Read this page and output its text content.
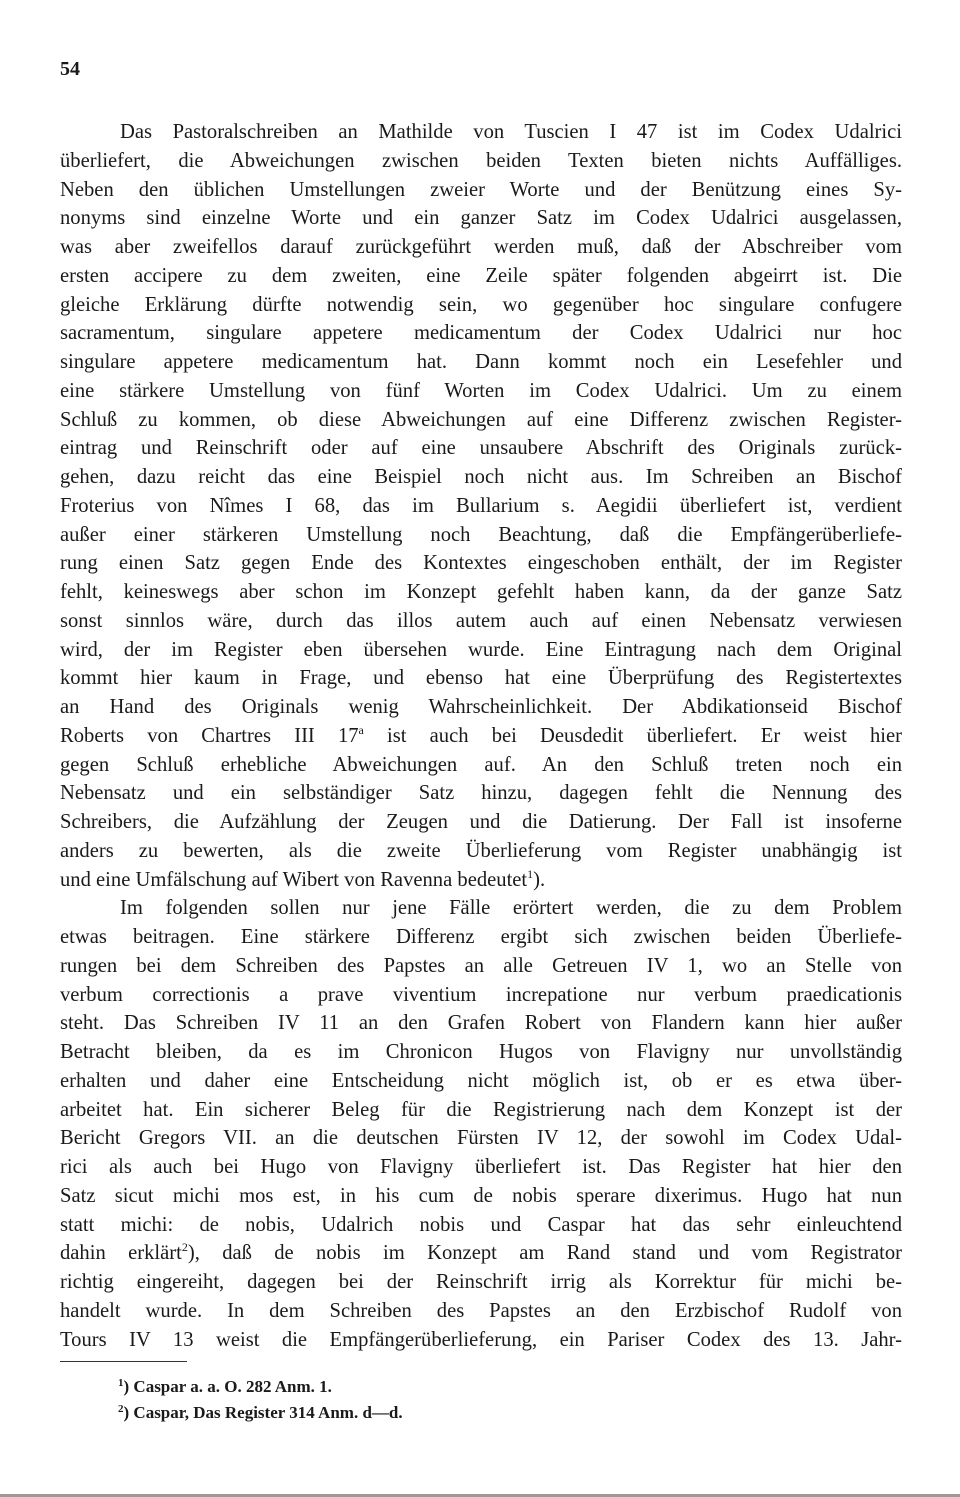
54
Das Pastoralschreiben an Mathilde von Tuscien I 47 ist im Codex Udalrici
überliefert, die Abweichungen zwischen beiden Texten bieten nichts Auffälliges.
Neben den üblichen Umstellungen zweier Worte und der Benützung eines Sy-
nonyms sind einzelne Worte und ein ganzer Satz im Codex Udalrici ausgelassen,
was aber zweifellos darauf zurückgeführt werden muß, daß der Abschreiber vom
ersten accipere zu dem zweiten, eine Zeile später folgenden abgeirrt ist. Die
gleiche Erklärung dürfte notwendig sein, wo gegenüber hoc singulare confugere
sacramentum, singulare appetere medicamentum der Codex Udalrici nur hoc
singulare appetere medicamentum hat. Dann kommt noch ein Lesefehler und
eine stärkere Umstellung von fünf Worten im Codex Udalrici. Um zu einem
Schluß zu kommen, ob diese Abweichungen auf eine Differenz zwischen Register-
eintrag und Reinschrift oder auf eine unsaubere Abschrift des Originals zurück-
gehen, dazu reicht das eine Beispiel noch nicht aus. Im Schreiben an Bischof
Froterius von Nîmes I 68, das im Bullarium s. Aegidii überliefert ist, verdient
außer einer stärkeren Umstellung noch Beachtung, daß die Empfängerüberliefe-
rung einen Satz gegen Ende des Kontextes eingeschoben enthält, der im Register
fehlt, keineswegs aber schon im Konzept gefehlt haben kann, da der ganze Satz
sonst sinnlos wäre, durch das illos autem auch auf einen Nebensatz verwiesen
wird, der im Register eben übersehen wurde. Eine Eintragung nach dem Original
kommt hier kaum in Frage, und ebenso hat eine Überprüfung des Registertextes
an Hand des Originals wenig Wahrscheinlichkeit. Der Abdikationseid Bischof
Roberts von Chartres III 17$^a$ ist auch bei Deusdedit überliefert. Er weist hier
gegen Schluß erhebliche Abweichungen auf. An den Schluß treten noch ein
Nebensatz und ein selbständiger Satz hinzu, dagegen fehlt die Nennung des
Schreibers, die Aufzählung der Zeugen und die Datierung. Der Fall ist insoferne
anders zu bewerten, als die zweite Überlieferung vom Register unabhängig ist
und eine Umfälschung auf Wibert von Ravenna bedeutet$^1$).
Im folgenden sollen nur jene Fälle erörtert werden, die zu dem Problem
etwas beitragen. Eine stärkere Differenz ergibt sich zwischen beiden Überliefe-
rungen bei dem Schreiben des Papstes an alle Getreuen IV 1, wo an Stelle von
verbum correctionis a prave viventium increpatione nur verbum praedicationis
steht. Das Schreiben IV 11 an den Grafen Robert von Flandern kann hier außer
Betracht bleiben, da es im Chronicon Hugos von Flavigny nur unvollständig
erhalten und daher eine Entscheidung nicht möglich ist, ob er es etwa über-
arbeitet hat. Ein sicherer Beleg für die Registrierung nach dem Konzept ist der
Bericht Gregors VII. an die deutschen Fürsten IV 12, der sowohl im Codex Udal-
rici als auch bei Hugo von Flavigny überliefert ist. Das Register hat hier den
Satz sicut michi mos est, in his cum de nobis sperare dixerimus. Hugo hat nun
statt michi: de nobis, Udalrich nobis und Caspar hat das sehr einleuchtend
dahin erklärt$^2$), daß de nobis im Konzept am Rand stand und vom Registrator
richtig eingereiht, dagegen bei der Reinschrift irrig als Korrektur für michi be-
handelt wurde. In dem Schreiben des Papstes an den Erzbischof Rudolf von
Tours IV 13 weist die Empfängerüberlieferung, ein Pariser Codex des 13. Jahr-
$^1$) Caspar a. a. O. 282 Anm. 1.
$^2$) Caspar, Das Register 314 Anm. d—d.
